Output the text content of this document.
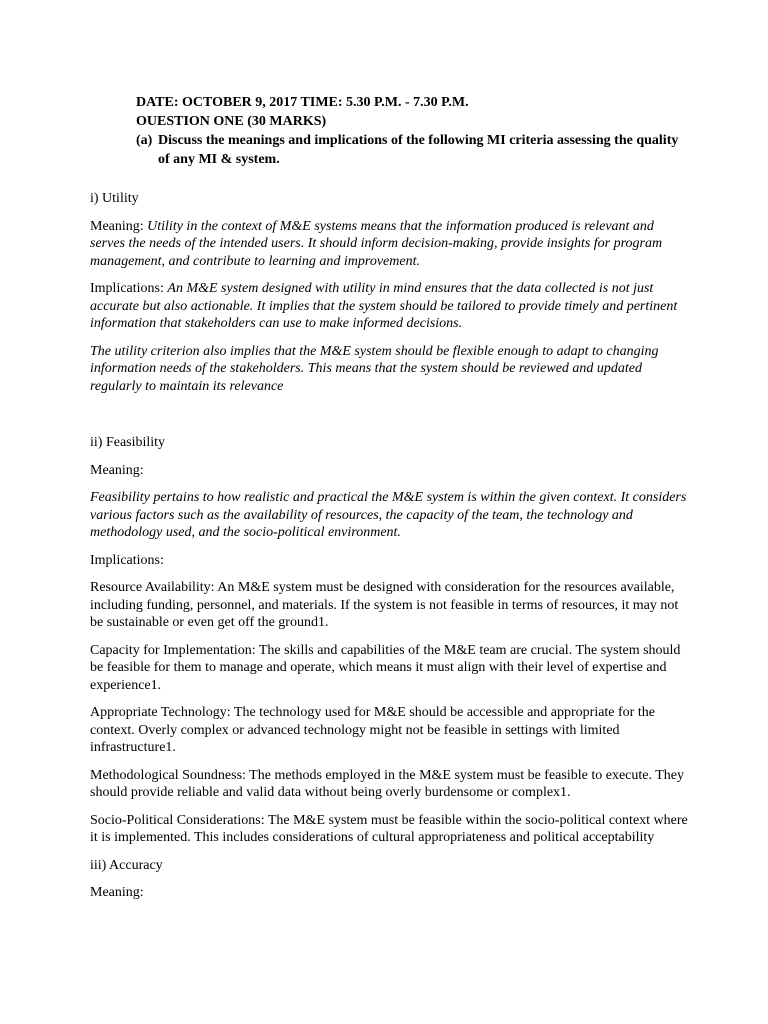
DATE: OCTOBER 9, 2017 TIME: 5.30 P.M. - 7.30 P.M.
OUESTION ONE (30 MARKS)
(a) Discuss the meanings and implications of the following MI criteria assessing the quality of any MI & system.

i) Utility

Meaning: Utility in the context of M&E systems means that the information produced is relevant and serves the needs of the intended users. It should inform decision-making, provide insights for program management, and contribute to learning and improvement.

Implications: An M&E system designed with utility in mind ensures that the data collected is not just accurate but also actionable. It implies that the system should be tailored to provide timely and pertinent information that stakeholders can use to make informed decisions.

The utility criterion also implies that the M&E system should be flexible enough to adapt to changing information needs of the stakeholders. This means that the system should be reviewed and updated regularly to maintain its relevance

ii) Feasibility

Meaning:

Feasibility pertains to how realistic and practical the M&E system is within the given context. It considers various factors such as the availability of resources, the capacity of the team, the technology and methodology used, and the socio-political environment.

Implications:

Resource Availability: An M&E system must be designed with consideration for the resources available, including funding, personnel, and materials. If the system is not feasible in terms of resources, it may not be sustainable or even get off the ground1.

Capacity for Implementation: The skills and capabilities of the M&E team are crucial. The system should be feasible for them to manage and operate, which means it must align with their level of expertise and experience1.

Appropriate Technology: The technology used for M&E should be accessible and appropriate for the context. Overly complex or advanced technology might not be feasible in settings with limited infrastructure1.

Methodological Soundness: The methods employed in the M&E system must be feasible to execute. They should provide reliable and valid data without being overly burdensome or complex1.

Socio-Political Considerations: The M&E system must be feasible within the socio-political context where it is implemented. This includes considerations of cultural appropriateness and political acceptability

iii) Accuracy

Meaning:
